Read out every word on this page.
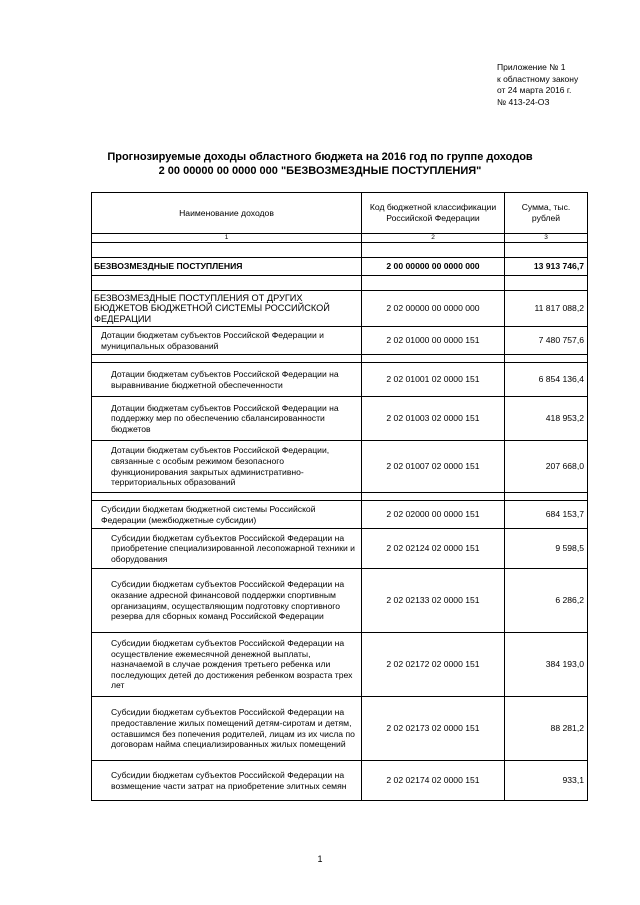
Приложение № 1
к областному закону
от 24 марта 2016 г.
№ 413-24-ОЗ
Прогнозируемые доходы областного бюджета на 2016 год по группе доходов
2 00 00000 00 0000 000 "БЕЗВОЗМЕЗДНЫЕ ПОСТУПЛЕНИЯ"
Наименование доходов	Код бюджетной классификации Российской Федерации	Сумма, тыс. рублей
1	2	3

БЕЗВОЗМЕЗДНЫЕ ПОСТУПЛЕНИЯ	2 00 00000 00 0000 000	13 913 746,7

БЕЗВОЗМЕЗДНЫЕ ПОСТУПЛЕНИЯ ОТ ДРУГИХ БЮДЖЕТОВ БЮДЖЕТНОЙ СИСТЕМЫ РОССИЙСКОЙ ФЕДЕРАЦИИ	2 02 00000 00 0000 000	11 817 088,2
Дотации бюджетам субъектов Российской Федерации и муниципальных образований	2 02 01000 00 0000 151	7 480 757,6

Дотации бюджетам субъектов Российской Федерации на выравнивание бюджетной обеспеченности	2 02 01001 02 0000 151	6 854 136,4
Дотации бюджетам субъектов Российской Федерации на поддержку мер по обеспечению сбалансированности бюджетов	2 02 01003 02 0000 151	418 953,2
Дотации бюджетам субъектов Российской Федерации, связанные с особым режимом безопасного функционирования закрытых административно-территориальных образований	2 02 01007 02 0000 151	207 668,0

Субсидии бюджетам бюджетной системы Российской Федерации (межбюджетные субсидии)	2 02 02000 00 0000 151	684 153,7
Субсидии бюджетам субъектов Российской Федерации на приобретение специализированной лесопожарной техники и оборудования	2 02 02124 02 0000 151	9 598,5
Субсидии бюджетам субъектов Российской Федерации на оказание адресной финансовой поддержки спортивным организациям, осуществляющим подготовку спортивного резерва для сборных команд Российской Федерации	2 02 02133 02 0000 151	6 286,2
Субсидии бюджетам субъектов Российской Федерации на осуществление ежемесячной денежной выплаты, назначаемой в случае рождения третьего ребенка или последующих детей до достижения ребенком возраста трех лет	2 02 02172 02 0000 151	384 193,0
Субсидии бюджетам субъектов Российской Федерации на предоставление жилых помещений детям-сиротам и детям, оставшимся без попечения родителей, лицам из их числа по договорам найма специализированных жилых помещений	2 02 02173 02 0000 151	88 281,2
Субсидии бюджетам субъектов Российской Федерации на возмещение части затрат на приобретение элитных семян	2 02 02174 02 0000 151	933,1
1
